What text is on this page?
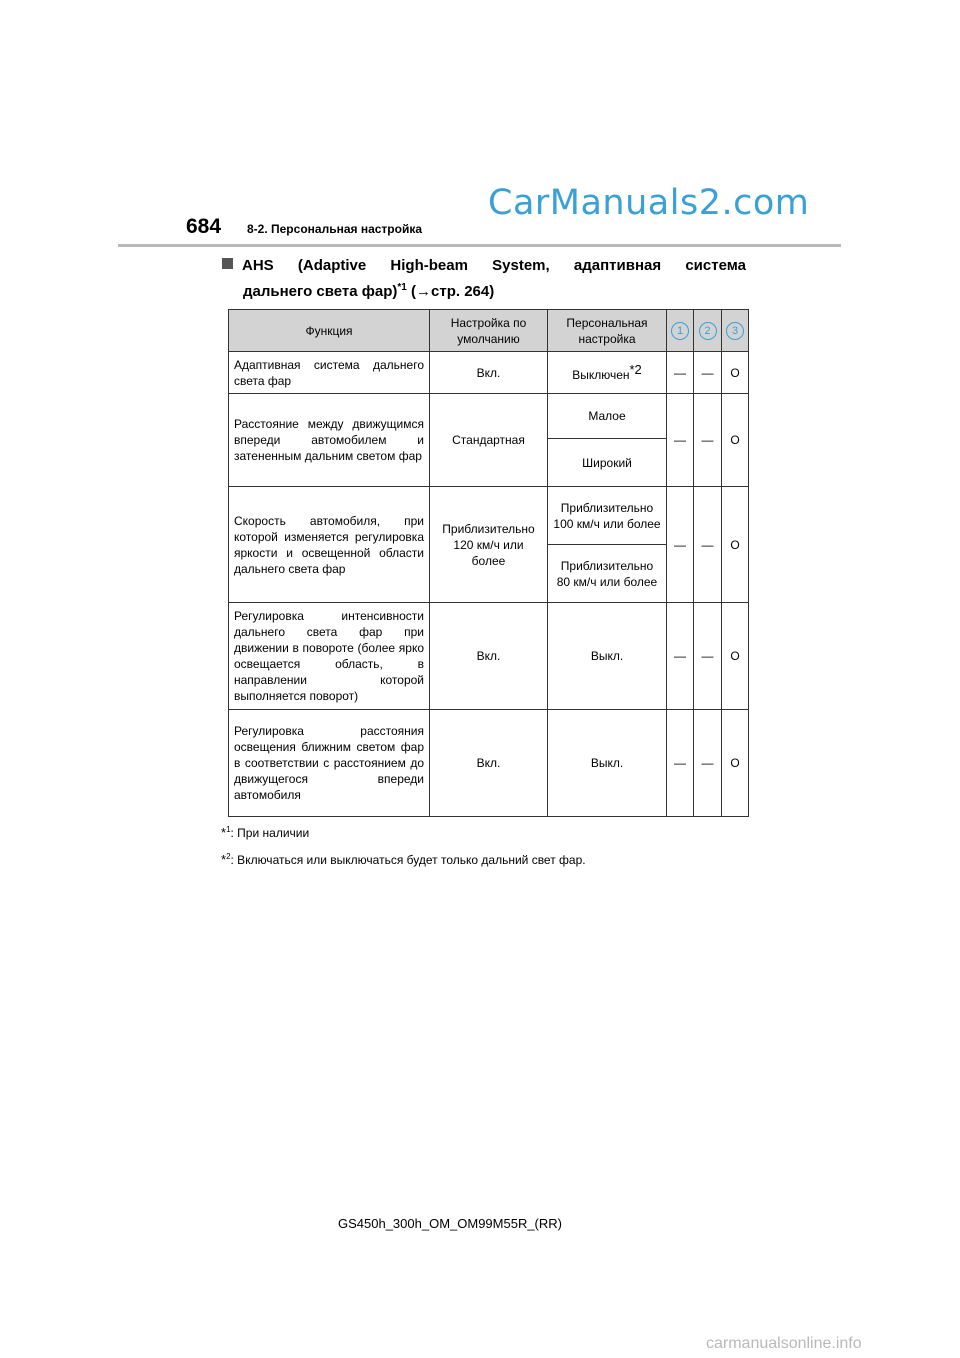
CarManuals2.com
684 8-2. Персональная настройка
AHS (Adaptive High-beam System, адаптивная система
дальнего света фар)$^{*1}$ (→стр. 264)
Функция	Настройка по умолчанию	Персональная настройка	1	2	3
Адаптивная система дальнего света фар	Вкл.	Выключен$^{*2}$	—	—	O
Расстояние между движущимся впереди автомобилем и затененным дальним светом фар	Стандартная	Малое	—	—	O
		Широкий			
Скорость автомобиля, при которой изменяется регулировка яркости и освещенной области дальнего света фар	Приблизительно 120 км/ч или более	Приблизительно 100 км/ч или более	—	—	O
		Приблизительно 80 км/ч или более			
Регулировка интенсивности дальнего света фар при движении в повороте (более ярко освещается область, в направлении которой выполняется поворот)	Вкл.	Выкл.	—	—	O
Регулировка расстояния освещения ближним светом фар в соответствии с расстоянием до движущегося впереди автомобиля	Вкл.	Выкл.	—	—	O
*$^1$: При наличии
*$^2$: Включаться или выключаться будет только дальний свет фар.
GS450h_300h_OM_OM99M55R_(RR)
carmanualsonline.info
